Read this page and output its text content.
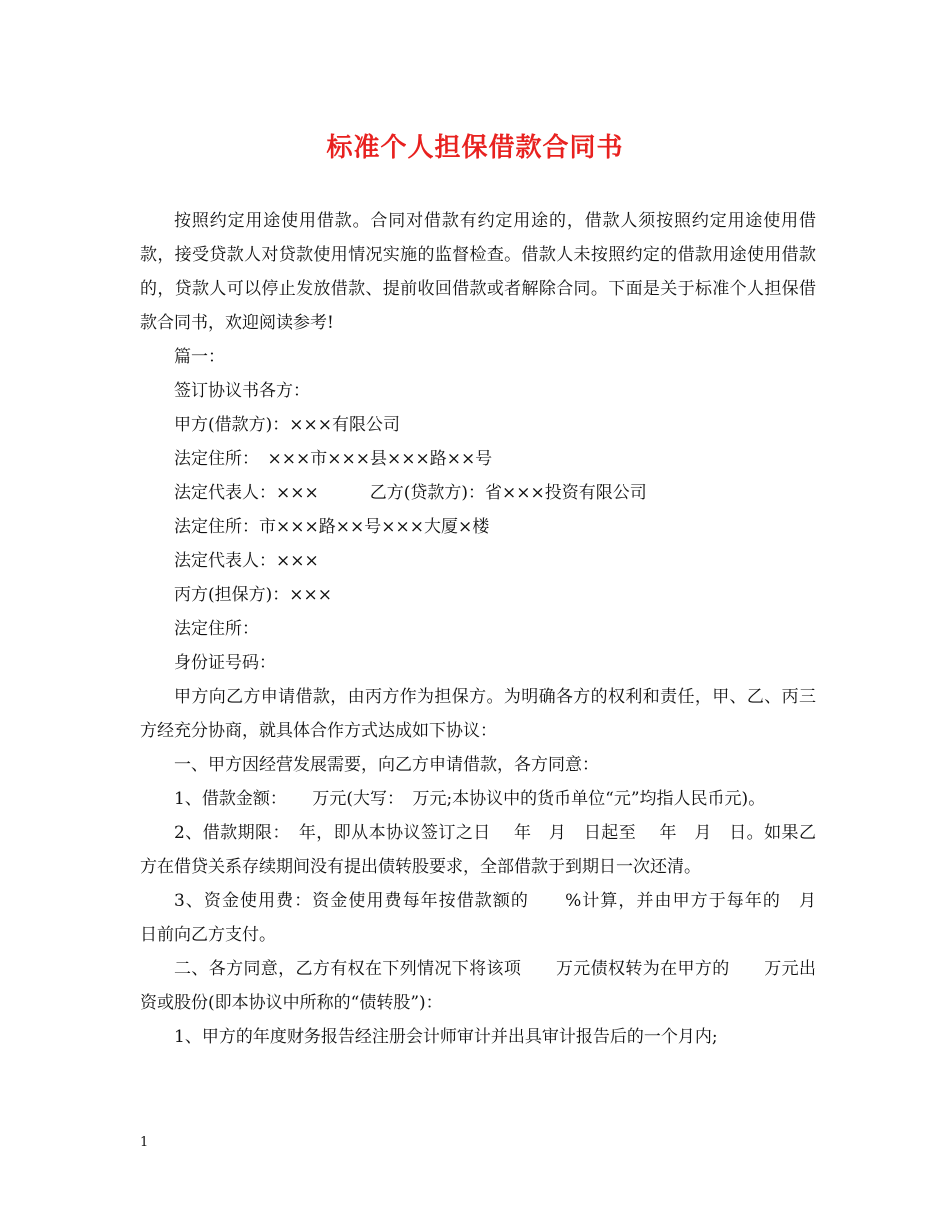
标准个人担保借款合同书

按照约定用途使用借款。合同对借款有约定用途的，借款人须按照约定用途使用借款，接受贷款人对贷款使用情况实施的监督检查。借款人未按照约定的借款用途使用借款的，贷款人可以停止发放借款、提前收回借款或者解除合同。下面是关于标准个人担保借款合同书，欢迎阅读参考!

篇一：

签订协议书各方：

甲方(借款方)：×××有限公司

法定住所：　×××市×××县×××路××号

法定代表人：×××　　　乙方(贷款方)：省×××投资有限公司

法定住所：市×××路××号×××大厦×楼

法定代表人：×××

丙方(担保方)：×××

法定住所：

身份证号码：

甲方向乙方申请借款，由丙方作为担保方。为明确各方的权利和责任，甲、乙、丙三方经充分协商，就具体合作方式达成如下协议：

一、甲方因经营发展需要，向乙方申请借款，各方同意：

1、借款金额：　　万元(大写：　万元;本协议中的货币单位“元”均指人民币元)。

2、借款期限：　年，即从本协议签订之日　 年　月　日起至　 年　月　日。如果乙方在借贷关系存续期间没有提出债转股要求，全部借款于到期日一次还清。

3、资金使用费：资金使用费每年按借款额的　　%计算，并由甲方于每年的　月　 日前向乙方支付。

二、各方同意，乙方有权在下列情况下将该项　　万元债权转为在甲方的　　万元出资或股份(即本协议中所称的“债转股”)：

1、甲方的年度财务报告经注册会计师审计并出具审计报告后的一个月内;

1
